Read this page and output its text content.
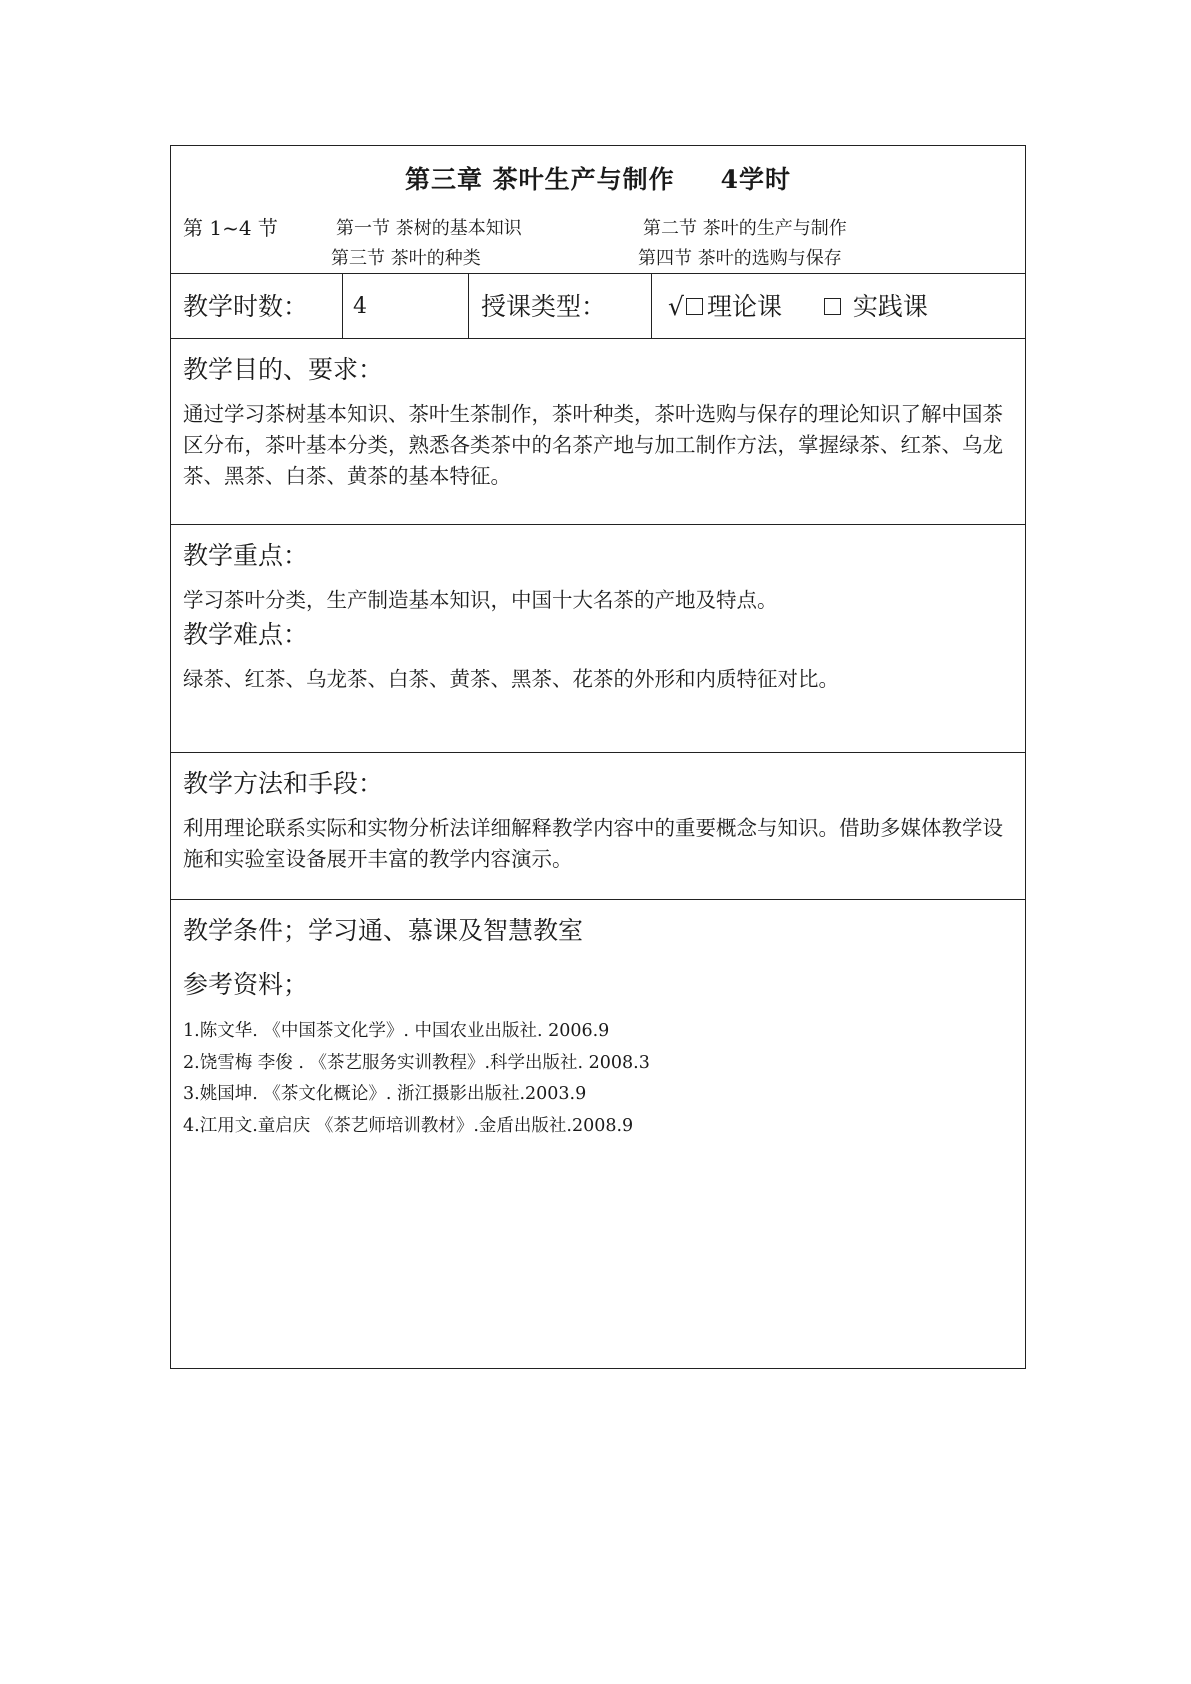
第三章 茶叶生产与制作 4学时
第 1~4 节	第一节 茶树的基本知识	第二节 茶叶的生产与制作
第三节 茶叶的种类	第四节 茶叶的选购与保存
教学时数：	4	授课类型：	√ 理论课	实践课
教学目的、要求：
通过学习茶树基本知识、茶叶生茶制作，茶叶种类，茶叶选购与保存的理论知识了解中国茶区分布，茶叶基本分类，熟悉各类茶中的名茶产地与加工制作方法，掌握绿茶、红茶、乌龙茶、黑茶、白茶、黄茶的基本特征。
教学重点：
学习茶叶分类，生产制造基本知识，中国十大名茶的产地及特点。
教学难点：
绿茶、红茶、乌龙茶、白茶、黄茶、黑茶、花茶的外形和内质特征对比。
教学方法和手段：
利用理论联系实际和实物分析法详细解释教学内容中的重要概念与知识。借助多媒体教学设施和实验室设备展开丰富的教学内容演示。
教学条件；学习通、慕课及智慧教室
参考资料；
1.陈文华. 《中国茶文化学》. 中国农业出版社. 2006.9
2.饶雪梅 李俊 . 《茶艺服务实训教程》.科学出版社. 2008.3
3.姚国坤. 《茶文化概论》. 浙江摄影出版社.2003.9
4.江用文.童启庆 《茶艺师培训教材》.金盾出版社.2008.9
